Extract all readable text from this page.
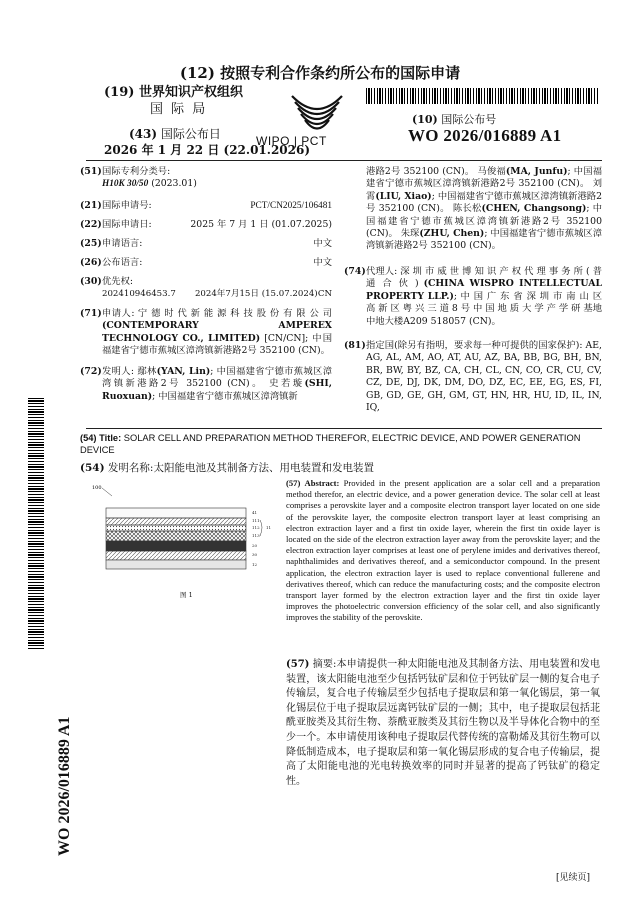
(12) 按照专利合作条约所公布的国际申请
(19) 世界知识产权组织
国 际 局
(43) 国际公布日
2026 年 1 月 22 日 (22.01.2026)
WIPO | PCT
(10) 国际公布号
WO 2026/016889 A1
WO 2026/016889 A1
(51) 国际专利分类号:
H10K 30/50 (2023.01)
(21) 国际申请号:	PCT/CN2025/106481
(22) 国际申请日:	2025 年 7 月 1 日 (01.07.2025)
(25) 申请语言:	中文
(26) 公布语言:	中文
(30) 优先权:
202410946453.7 2024年7月15日 (15.07.2024) CN
(71) 申请人: 宁 德 时 代 新 能 源 科 技 股 份 有 限 公 司 (CONTEMPORARY AMPEREX TECHNOLOGY CO., LIMITED) [CN/CN]; 中国福建省宁德市蕉城区漳湾镇新港路2号 352100 (CN)。
(72) 发明人: 鄢林(YAN, Lin); 中国福建省宁德市蕉城区漳湾镇新港路2号 352100 (CN)。 史若璇(SHI, Ruoxuan); 中国福建省宁德市蕉城区漳湾镇新
港路2号 352100 (CN)。 马俊福(MA, Junfu); 中国福建省宁德市蕉城区漳湾镇新港路2号 352100 (CN)。 刘霄(LIU, Xiao); 中国福建省宁德市蕉城区漳湾镇新港路2号 352100 (CN)。 陈长松(CHEN, Changsong); 中国福建省宁德市蕉城区漳湾镇新港路2号 352100 (CN)。 朱琛(ZHU, Chen); 中国福建省宁德市蕉城区漳湾镇新港路2号 352100 (CN)。
(74) 代理人: 深 圳 市 威 世 博 知 识 产 权 代 理 事 务 所 ( 普 通 合 伙 ) (CHINA WISPRO INTELLECTUAL PROPERTY LLP.); 中 国 广 东 省 深 圳 市 南 山 区 高 新 区 粤 兴 三 道 8 号 中 国 地 质 大 学 产 学 研 基地中地大楼A209 518057 (CN)。
(81) 指定国(除另有指明，要求每一种可提供的国家保护): AE, AG, AL, AM, AO, AT, AU, AZ, BA, BB, BG, BH, BN, BR, BW, BY, BZ, CA, CH, CL, CN, CO, CR, CU, CV, CZ, DE, DJ, DK, DM, DO, DZ, EC, EE, EG, ES, FI, GB, GD, GE, GH, GM, GT, HN, HR, HU, ID, IL, IN, IQ,
(54) Title: SOLAR CELL AND PREPARATION METHOD THEREFOR, ELECTRIC DEVICE, AND POWER GENERATION DEVICE
(54) 发明名称:太阳能电池及其制备方法、用电装置和发电装置
100
41
111
112 11
113
20
30
12
图 1
(57) Abstract: Provided in the present application are a solar cell and a preparation method therefor, an electric device, and a power generation device. The solar cell at least comprises a perovskite layer and a composite electron transport layer located on one side of the perovskite layer, the composite electron transport layer at least comprising an electron extraction layer and a first tin oxide layer, wherein the first tin oxide layer is located on the side of the electron extraction layer away from the perovskite layer; and the electron extraction layer comprises at least one of perylene imides and derivatives thereof, naphthalimides and derivatives thereof, and a semiconductor compound. In the present application, the electron extraction layer is used to replace conventional fullerene and derivatives thereof, which can reduce the manufacturing costs; and the composite electron transport layer formed by the electron extraction layer and the first tin oxide layer improves the photoelectric conversion efficiency of the solar cell, and also significantly improves the stability of the perovskite.
(57) 摘要:本申请提供一种太阳能电池及其制备方法、用电装置和发电装置，该太阳能电池至少包括钙钛矿层和位于钙钛矿层一侧的复合电子传输层，复合电子传输层至少包括电子提取层和第一氧化锡层，第一氧化锡层位于电子提取层远离钙钛矿层的一侧；其中，电子提取层包括苝酰亚胺类及其衍生物、萘酰亚胺类及其衍生物以及半导体化合物中的至少一个。本申请使用该种电子提取层代替传统的富勒烯及其衍生物可以降低制造成本，电子提取层和第一氧化锡层形成的复合电子传输层，提高了太阳能电池的光电转换效率的同时并显著的提高了钙钛矿的稳定性。
[见续页]
